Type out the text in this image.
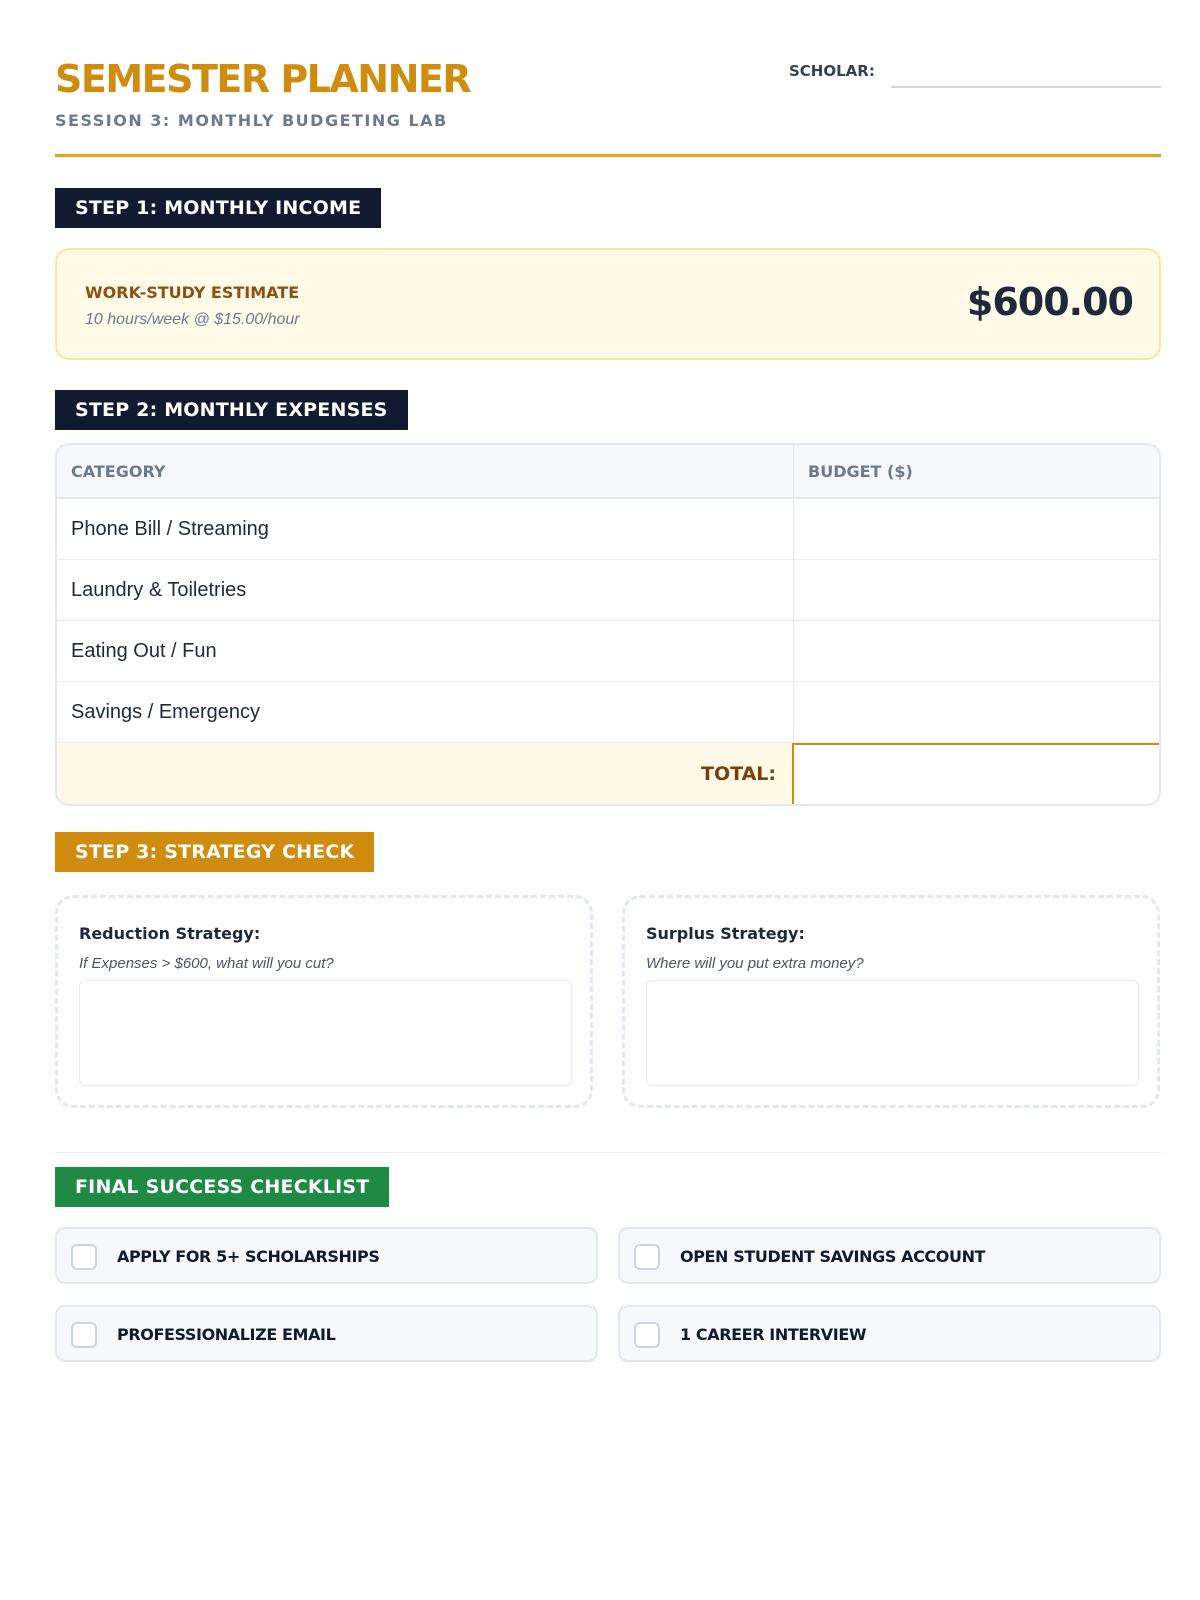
SEMESTER PLANNER
SESSION 3: MONTHLY BUDGETING LAB
SCHOLAR:
STEP 1: MONTHLY INCOME
WORK-STUDY ESTIMATE
10 hours/week @ $15.00/hour	$600.00
STEP 2: MONTHLY EXPENSES
CATEGORY	BUDGET ($)
Phone Bill / Streaming
Laundry & Toiletries
Eating Out / Fun
Savings / Emergency
TOTAL:
STEP 3: STRATEGY CHECK
Reduction Strategy:
If Expenses > $600, what will you cut?
Surplus Strategy:
Where will you put extra money?
FINAL SUCCESS CHECKLIST
APPLY FOR 5+ SCHOLARSHIPS	OPEN STUDENT SAVINGS ACCOUNT
PROFESSIONALIZE EMAIL	1 CAREER INTERVIEW
